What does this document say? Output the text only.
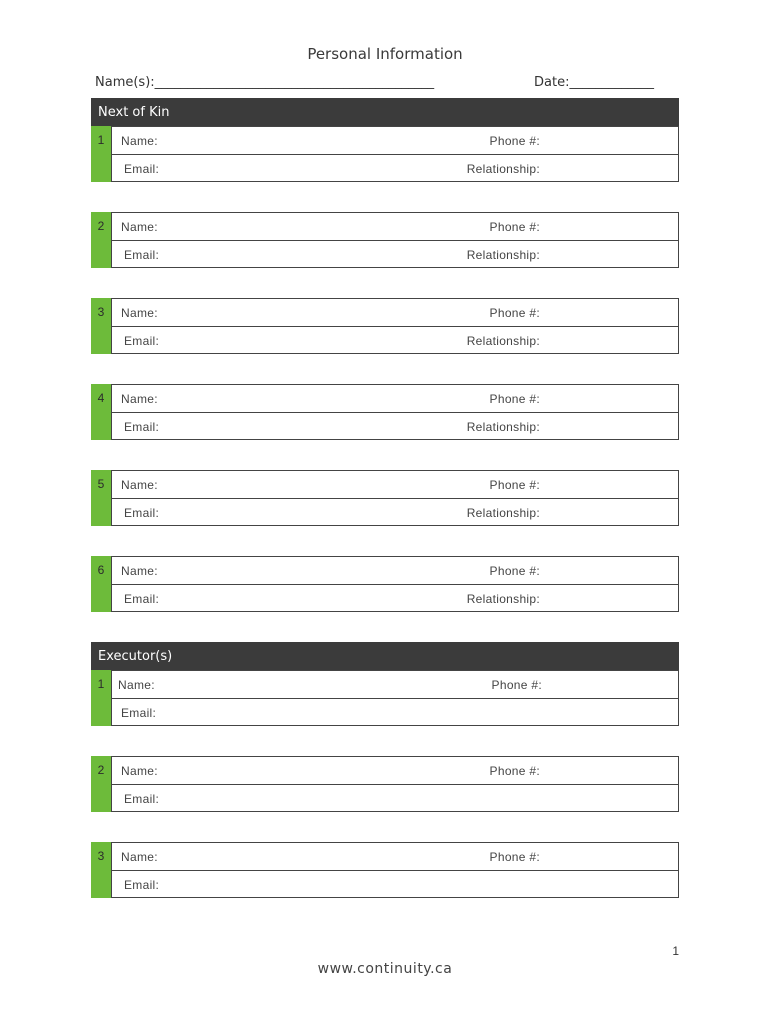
Personal Information
Name(s):___________________________________________	Date:_____________
Next of Kin
1	Name:	Phone #:
Email:	Relationship:
2	Name:	Phone #:
Email:	Relationship:
3	Name:	Phone #:
Email:	Relationship:
4	Name:	Phone #:
Email:	Relationship:
5	Name:	Phone #:
Email:	Relationship:
6	Name:	Phone #:
Email:	Relationship:
Executor(s)
1	Name:	Phone #:
Email:
2	Name:	Phone #:
Email:
3	Name:	Phone #:
Email:
1
www.continuity.ca
